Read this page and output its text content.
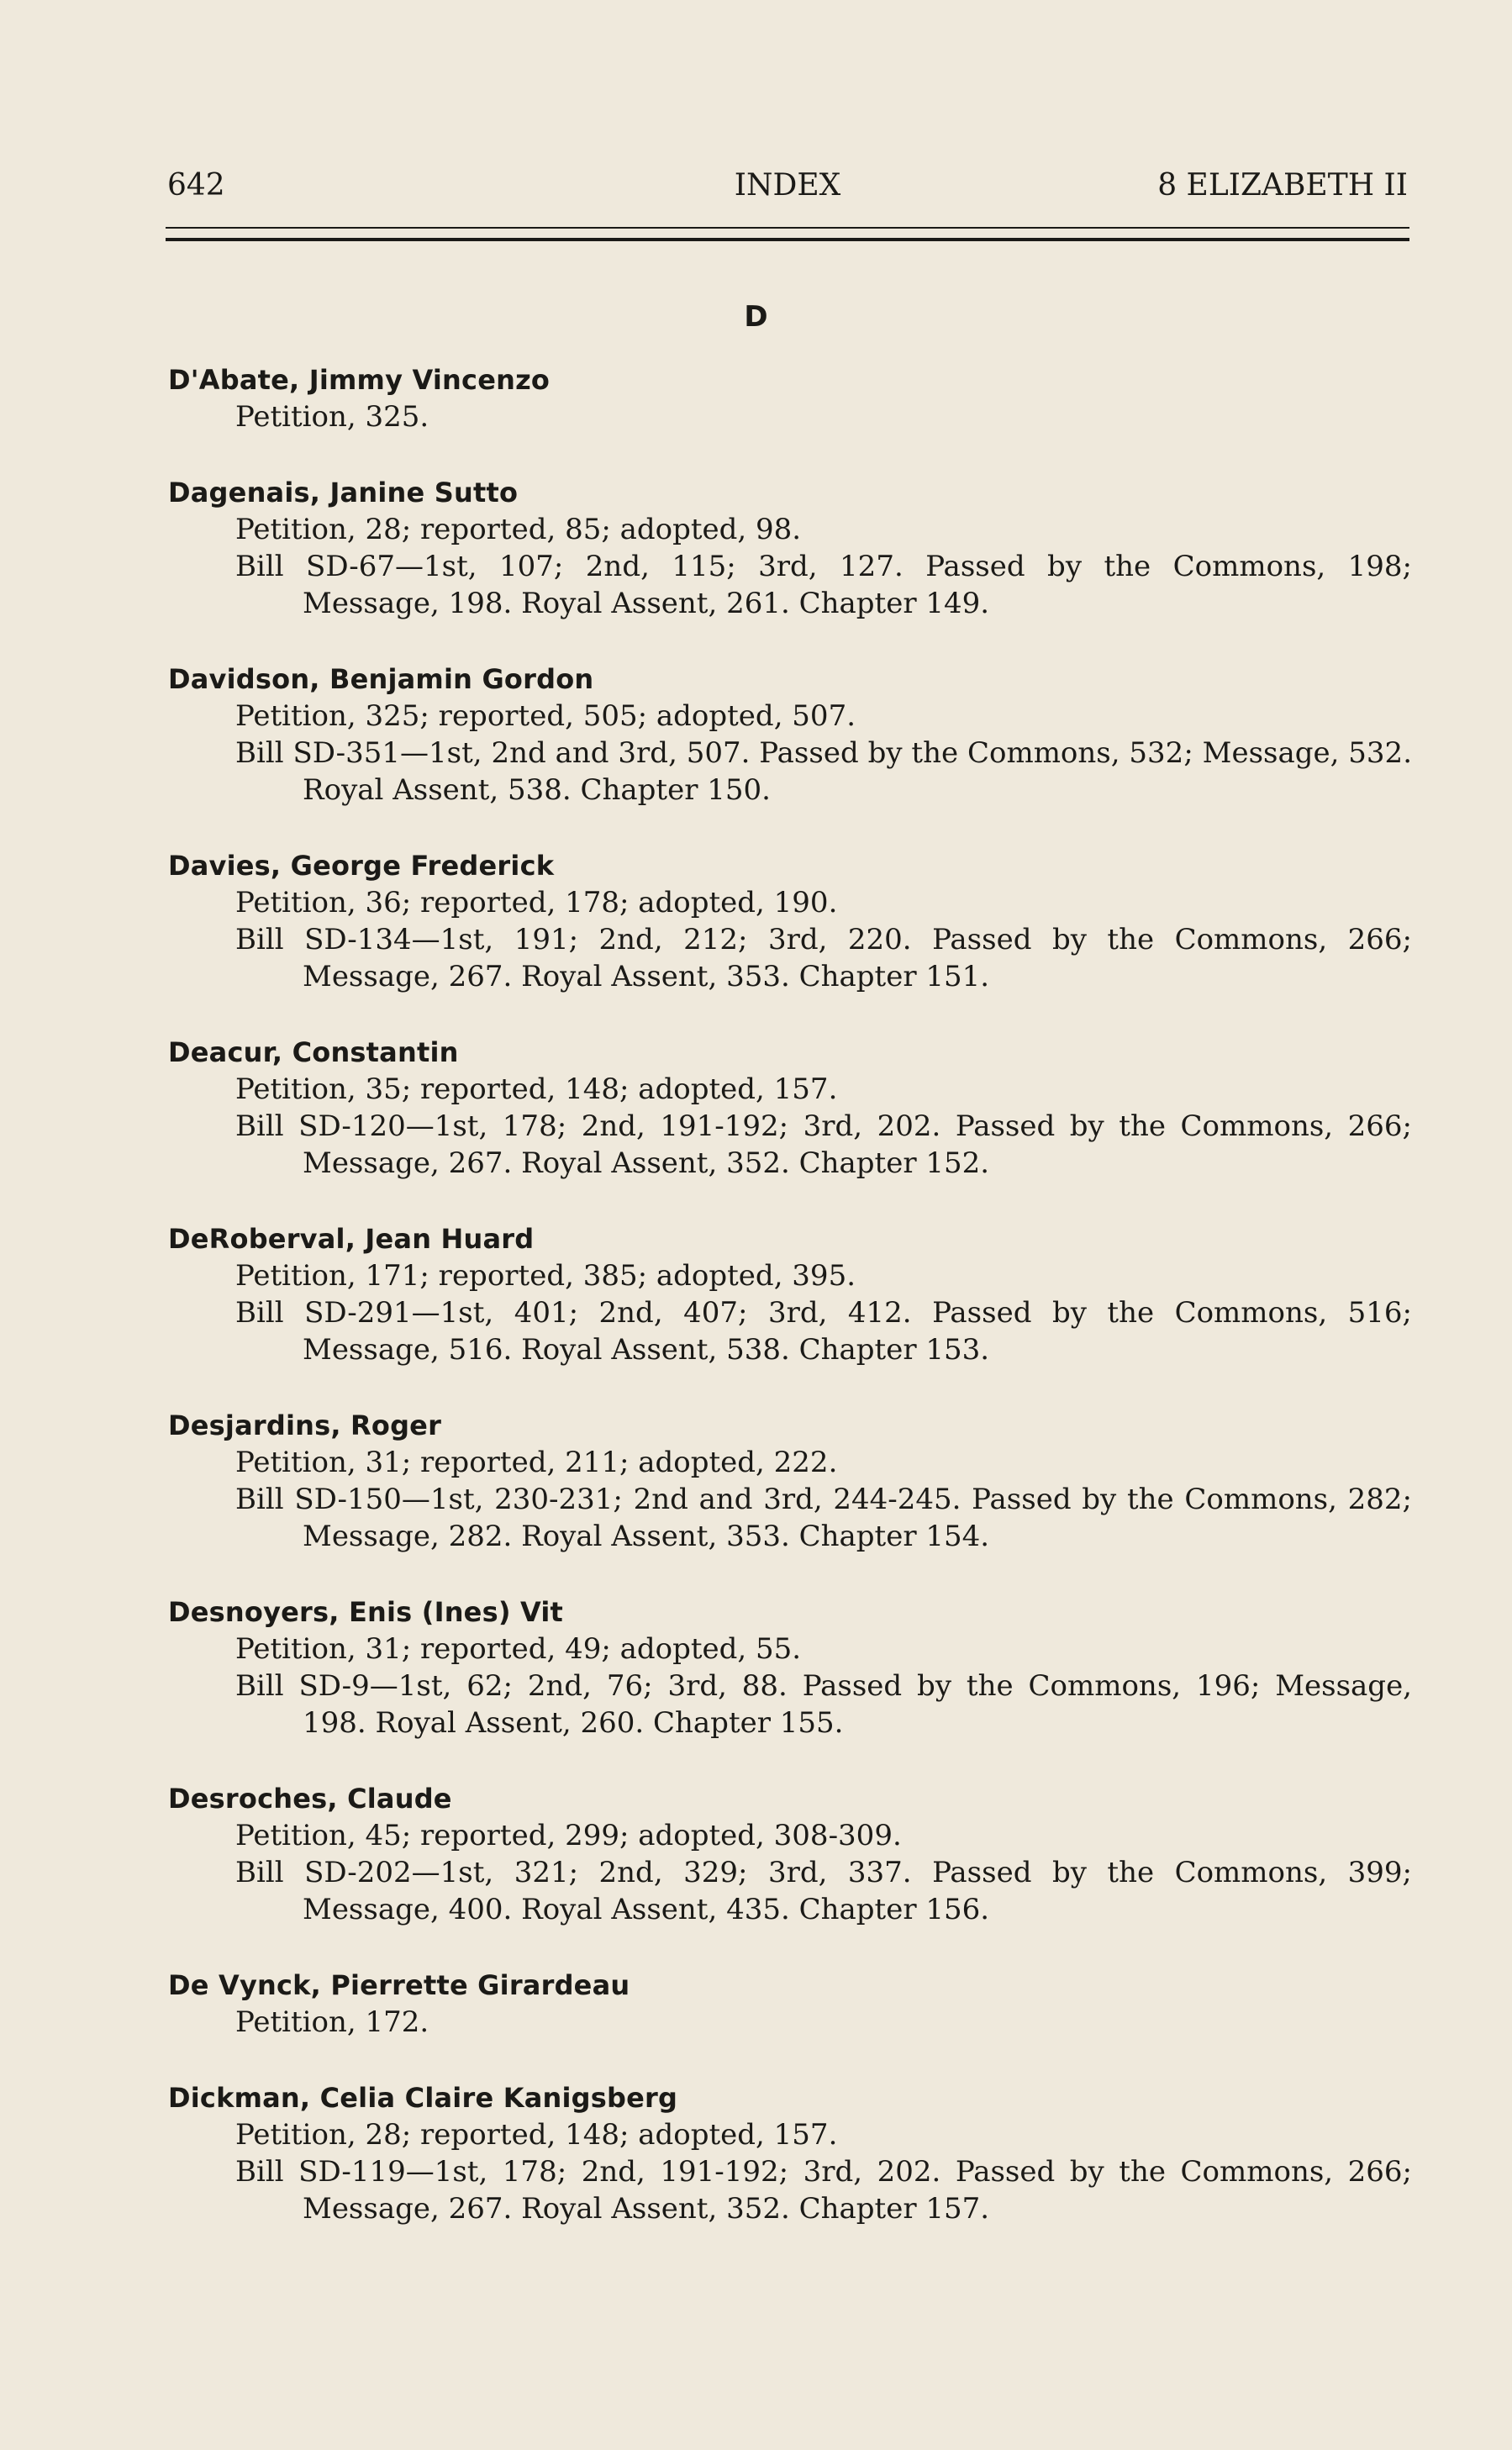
642	INDEX	8 ELIZABETH II
D
D'Abate, Jimmy Vincenzo
Petition, 325.
Dagenais, Janine Sutto
Petition, 28; reported, 85; adopted, 98.
Bill SD-67—1st, 107; 2nd, 115; 3rd, 127. Passed by the Commons, 198; Message, 198. Royal Assent, 261. Chapter 149.
Davidson, Benjamin Gordon
Petition, 325; reported, 505; adopted, 507.
Bill SD-351—1st, 2nd and 3rd, 507. Passed by the Commons, 532; Message, 532. Royal Assent, 538. Chapter 150.
Davies, George Frederick
Petition, 36; reported, 178; adopted, 190.
Bill SD-134—1st, 191; 2nd, 212; 3rd, 220. Passed by the Commons, 266; Message, 267. Royal Assent, 353. Chapter 151.
Deacur, Constantin
Petition, 35; reported, 148; adopted, 157.
Bill SD-120—1st, 178; 2nd, 191-192; 3rd, 202. Passed by the Commons, 266; Message, 267. Royal Assent, 352. Chapter 152.
DeRoberval, Jean Huard
Petition, 171; reported, 385; adopted, 395.
Bill SD-291—1st, 401; 2nd, 407; 3rd, 412. Passed by the Commons, 516; Message, 516. Royal Assent, 538. Chapter 153.
Desjardins, Roger
Petition, 31; reported, 211; adopted, 222.
Bill SD-150—1st, 230-231; 2nd and 3rd, 244-245. Passed by the Commons, 282; Message, 282. Royal Assent, 353. Chapter 154.
Desnoyers, Enis (Ines) Vit
Petition, 31; reported, 49; adopted, 55.
Bill SD-9—1st, 62; 2nd, 76; 3rd, 88. Passed by the Commons, 196; Message, 198. Royal Assent, 260. Chapter 155.
Desroches, Claude
Petition, 45; reported, 299; adopted, 308-309.
Bill SD-202—1st, 321; 2nd, 329; 3rd, 337. Passed by the Commons, 399; Message, 400. Royal Assent, 435. Chapter 156.
De Vynck, Pierrette Girardeau
Petition, 172.
Dickman, Celia Claire Kanigsberg
Petition, 28; reported, 148; adopted, 157.
Bill SD-119—1st, 178; 2nd, 191-192; 3rd, 202. Passed by the Commons, 266; Message, 267. Royal Assent, 352. Chapter 157.
